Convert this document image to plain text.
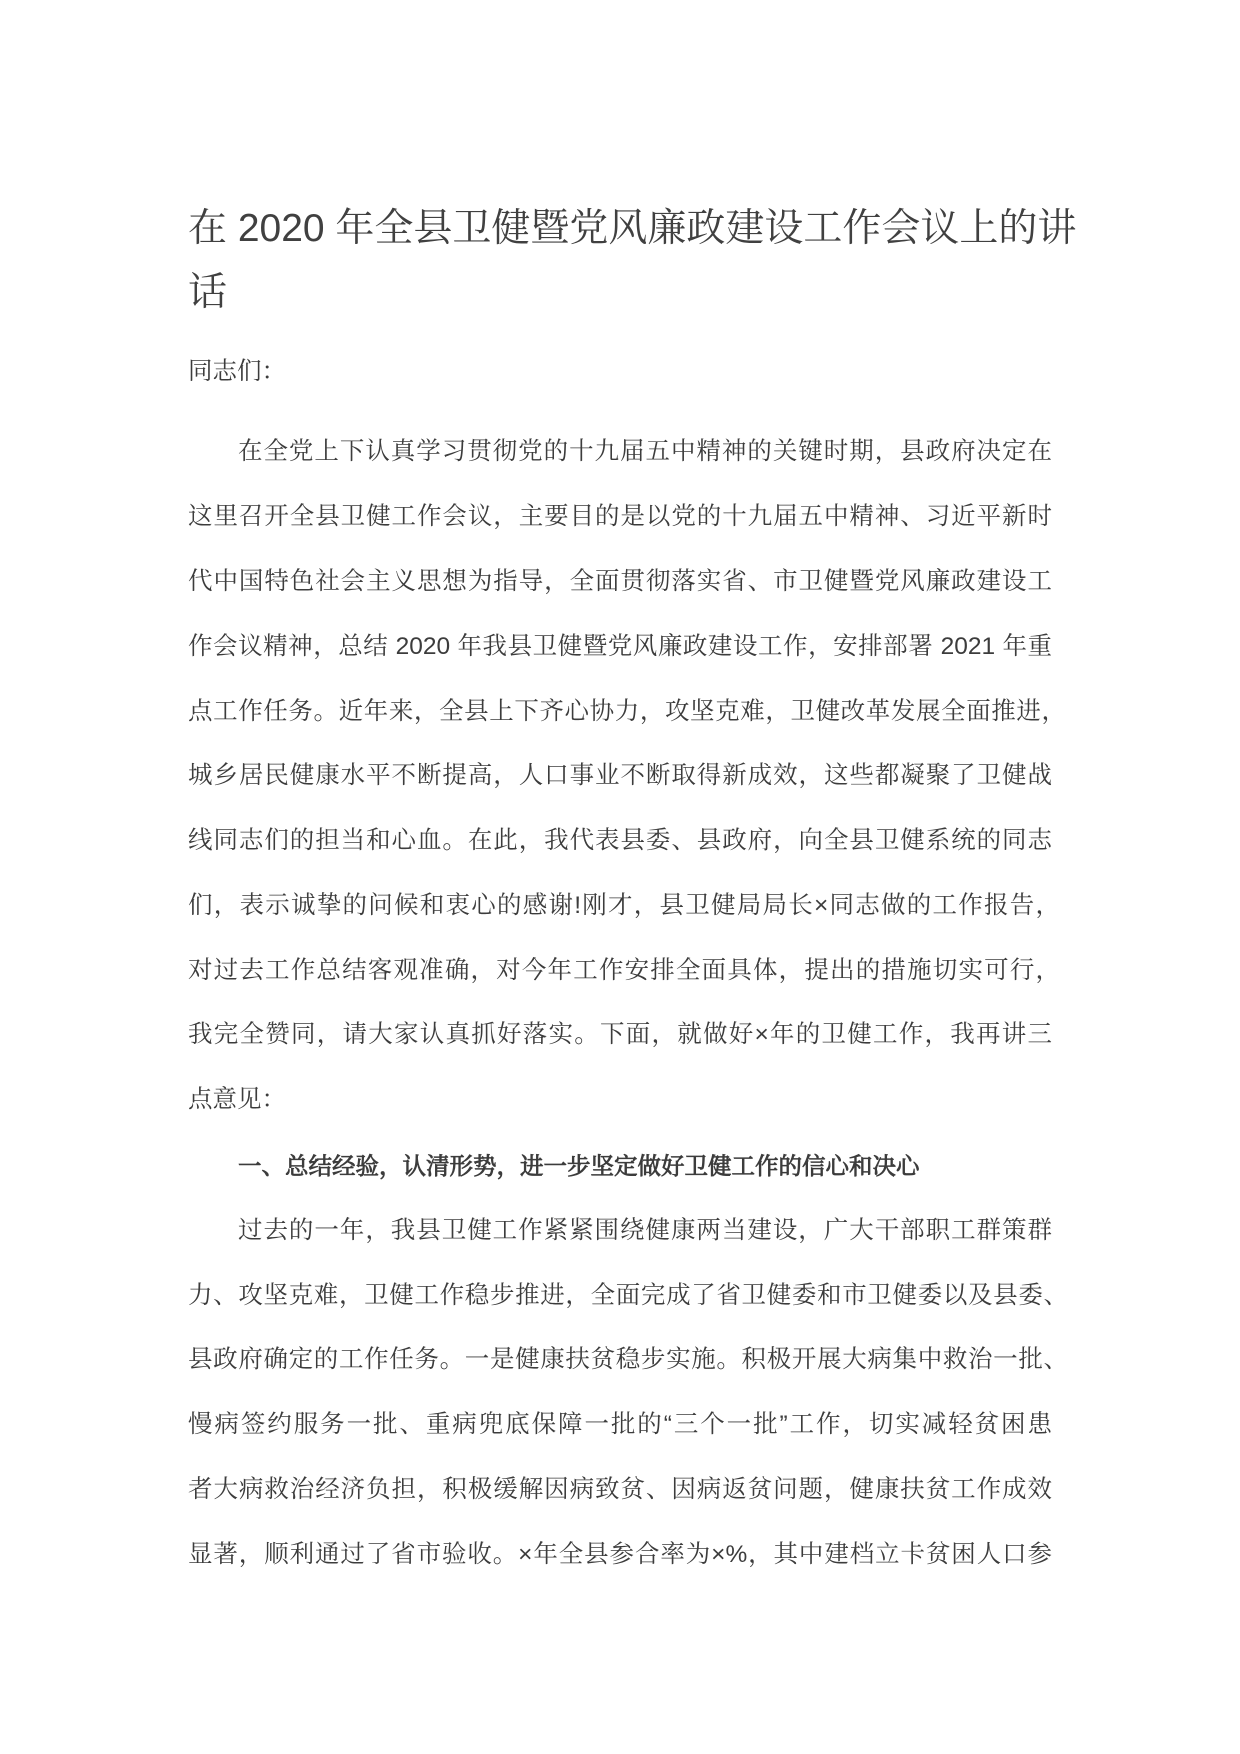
在 2020 年全县卫健暨党风廉政建设工作会议上的讲
话
同志们：
在全党上下认真学习贯彻党的十九届五中精神的关键时期，县政府决定在
这里召开全县卫健工作会议，主要目的是以党的十九届五中精神、习近平新时
代中国特色社会主义思想为指导，全面贯彻落实省、市卫健暨党风廉政建设工
作会议精神，总结 2020 年我县卫健暨党风廉政建设工作，安排部署 2021 年重
点工作任务。近年来，全县上下齐心协力，攻坚克难，卫健改革发展全面推进，
城乡居民健康水平不断提高，人口事业不断取得新成效，这些都凝聚了卫健战
线同志们的担当和心血。在此，我代表县委、县政府，向全县卫健系统的同志
们，表示诚挚的问候和衷心的感谢!刚才，县卫健局局长×同志做的工作报告，
对过去工作总结客观准确，对今年工作安排全面具体，提出的措施切实可行，
我完全赞同，请大家认真抓好落实。下面，就做好×年的卫健工作，我再讲三
点意见：
一、总结经验，认清形势，进一步坚定做好卫健工作的信心和决心
过去的一年，我县卫健工作紧紧围绕健康两当建设，广大干部职工群策群
力、攻坚克难，卫健工作稳步推进，全面完成了省卫健委和市卫健委以及县委、
县政府确定的工作任务。一是健康扶贫稳步实施。积极开展大病集中救治一批、
慢病签约服务一批、重病兜底保障一批的“三个一批”工作，切实减轻贫困患
者大病救治经济负担，积极缓解因病致贫、因病返贫问题，健康扶贫工作成效
显著，顺利通过了省市验收。×年全县参合率为×%，其中建档立卡贫困人口参
